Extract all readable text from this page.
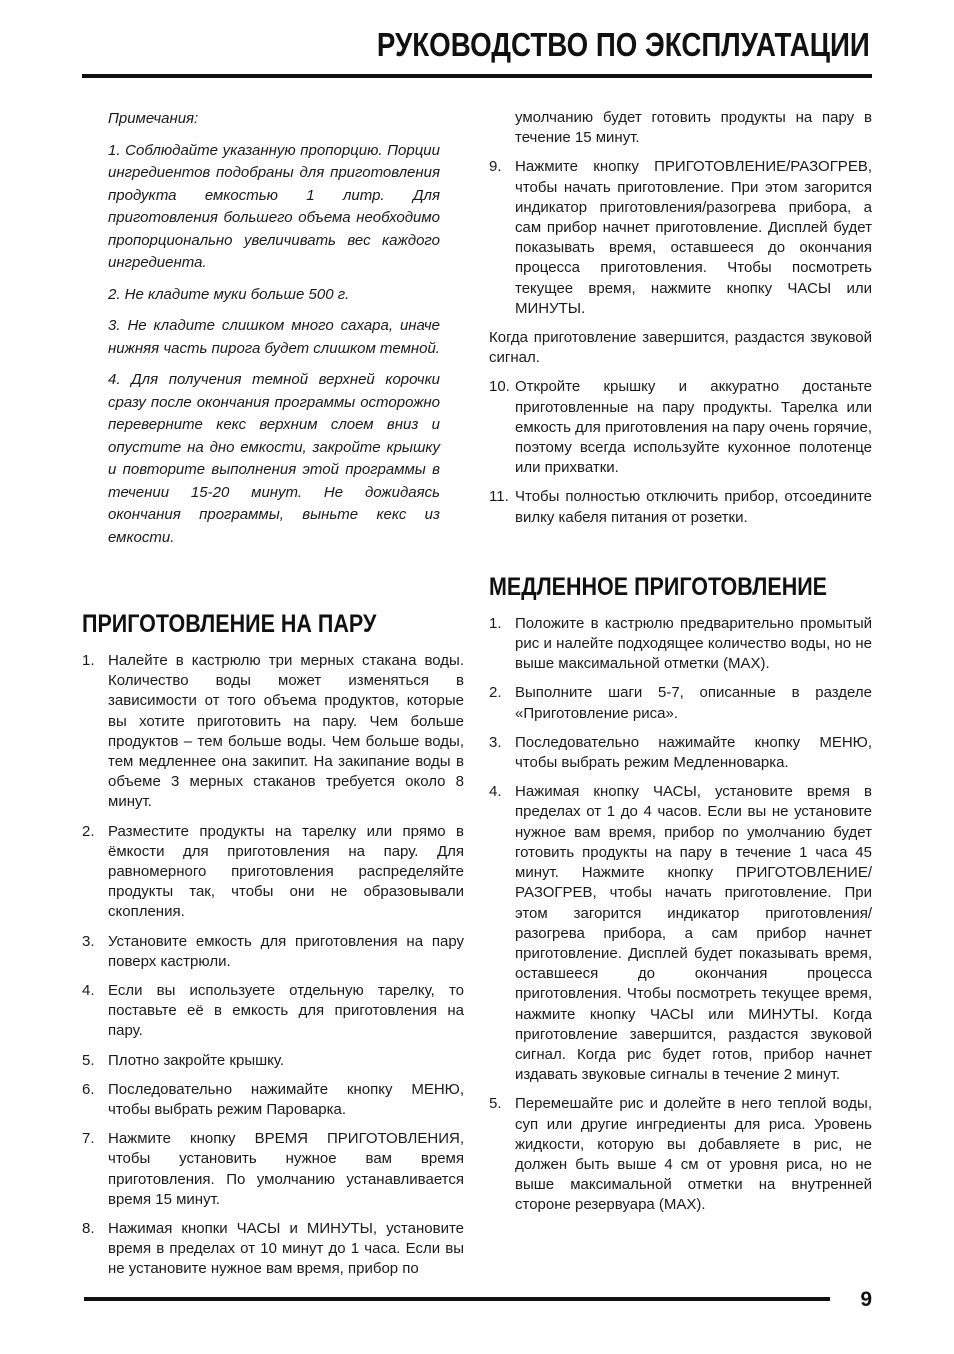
РУКОВОДСТВО ПО ЭКСПЛУАТАЦИИ

Примечания:

1. Соблюдайте указанную пропорцию. Порции ингредиентов подобраны для приготовления продукта емкостью 1 литр. Для приготовления большего объема необходимо пропорционально увеличивать вес каждого ингредиента.

2. Не кладите муки больше 500 г.

3. Не кладите слишком много сахара, иначе нижняя часть пирога будет слишком темной.

4. Для получения темной верхней корочки сразу после окончания программы осторожно переверните кекс верхним слоем вниз и опустите на дно емкости, закройте крышку и повторите выполнения этой программы в течении 15-20 минут. Не дожидаясь окончания программы, выньте кекс из емкости.

ПРИГОТОВЛЕНИЕ НА ПАРУ
1. Налейте в кастрюлю три мерных стакана воды. Количество воды может изменяться в зависимости от того объема продуктов, которые вы хотите приготовить на пару. Чем больше продуктов – тем больше воды. Чем больше воды, тем медленнее она закипит. На закипание воды в объеме 3 мерных стаканов требуется около 8 минут.
2. Разместите продукты на тарелку или прямо в ёмкости для приготовления на пару. Для равномерного приготовления распределяйте продукты так, чтобы они не образовывали скопления.
3. Установите емкость для приготовления на пару поверх кастрюли.
4. Если вы используете отдельную тарелку, то поставьте её в емкость для приготовления на пару.
5. Плотно закройте крышку.
6. Последовательно нажимайте кнопку МЕНЮ, чтобы выбрать режим Пароварка.
7. Нажмите кнопку ВРЕМЯ ПРИГОТОВЛЕНИЯ, чтобы установить нужное вам время приготовления. По умолчанию устанавливается время 15 минут.
8. Нажимая кнопки ЧАСЫ и МИНУТЫ, установите время в пределах от 10 минут до 1 часа. Если вы не установите нужное вам время, прибор по

умолчанию будет готовить продукты на пару в течение 15 минут.

9. Нажмите кнопку ПРИГОТОВЛЕНИЕ/РАЗОГРЕВ, чтобы начать приготовление. При этом загорится индикатор приготовления/разогрева прибора, а сам прибор начнет приготовление. Дисплей будет показывать время, оставшееся до окончания процесса приготовления. Чтобы посмотреть текущее время, нажмите кнопку ЧАСЫ или МИНУТЫ.

Когда приготовление завершится, раздастся звуковой сигнал.

10. Откройте крышку и аккуратно достаньте приготовленные на пару продукты. Тарелка или емкость для приготовления на пару очень горячие, поэтому всегда используйте кухонное полотенце или прихватки.
11. Чтобы полностью отключить прибор, отсоедините вилку кабеля питания от розетки.
МЕДЛЕННОЕ ПРИГОТОВЛЕНИЕ
1. Положите в кастрюлю предварительно промытый рис и налейте подходящее количество воды, но не выше максимальной отметки (MAX).
2. Выполните шаги 5-7, описанные в разделе «Приготовление риса».
3. Последовательно нажимайте кнопку МЕНЮ, чтобы выбрать режим Медленноварка.
4. Нажимая кнопку ЧАСЫ, установите время в пределах от 1 до 4 часов. Если вы не установите нужное вам время, прибор по умолчанию будет готовить продукты на пару в течение 1 часа 45 минут. Нажмите кнопку ПРИГОТОВЛЕНИЕ/РАЗОГРЕВ, чтобы начать приготовление. При этом загорится индикатор приготовления/разогрева прибора, а сам прибор начнет приготовление. Дисплей будет показывать время, оставшееся до окончания процесса приготовления. Чтобы посмотреть текущее время, нажмите кнопку ЧАСЫ или МИНУТЫ. Когда приготовление завершится, раздастся звуковой сигнал. Когда рис будет готов, прибор начнет издавать звуковые сигналы в течение 2 минут.
5. Перемешайте рис и долейте в него теплой воды, суп или другие ингредиенты для риса. Уровень жидкости, которую вы добавляете в рис, не должен быть выше 4 см от уровня риса, но не выше максимальной отметки на внутренней стороне резервуара (MAX).
9
